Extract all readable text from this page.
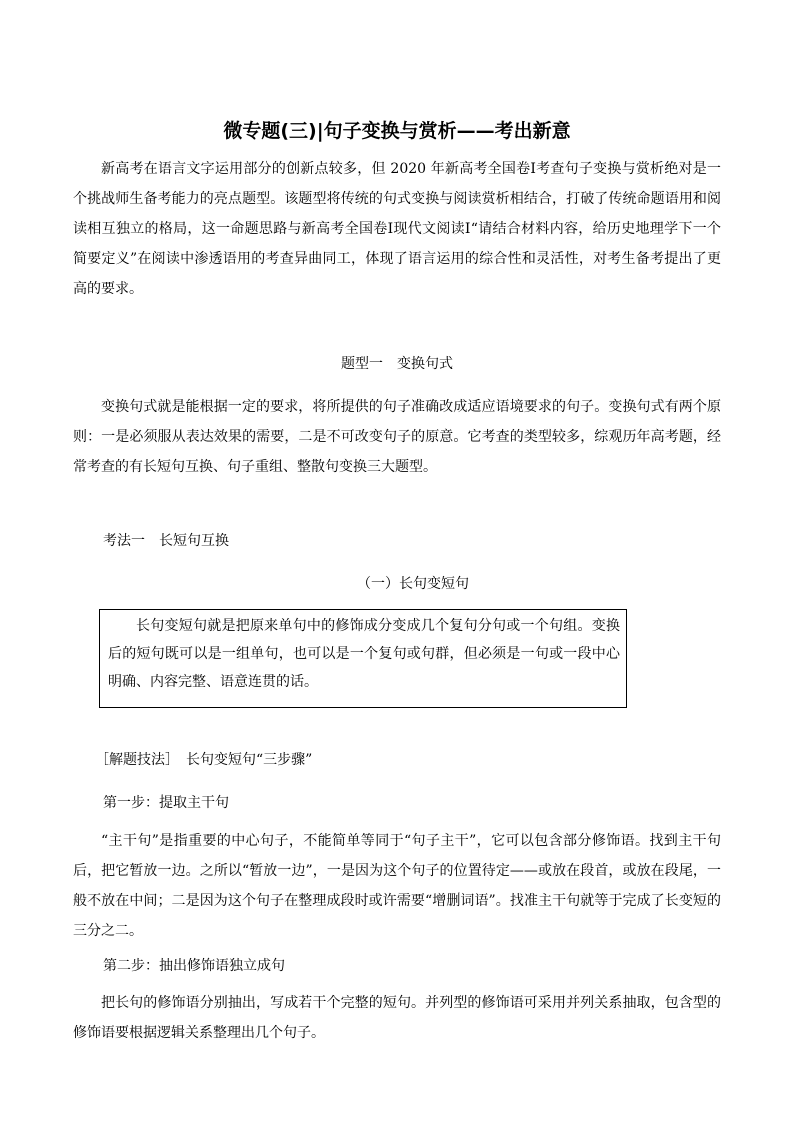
微专题(三)|句子变换与赏析——考出新意

新高考在语言文字运用部分的创新点较多，但 2020 年新高考全国卷Ⅰ考查句子变换与赏析绝对是一个挑战师生备考能力的亮点题型。该题型将传统的句式变换与阅读赏析相结合，打破了传统命题语用和阅读相互独立的格局，这一命题思路与新高考全国卷Ⅰ现代文阅读Ⅰ“请结合材料内容，给历史地理学下一个简要定义”在阅读中渗透语用的考查异曲同工，体现了语言运用的综合性和灵活性，对考生备考提出了更高的要求。

题型一　变换句式

变换句式就是能根据一定的要求，将所提供的句子准确改成适应语境要求的句子。变换句式有两个原则：一是必须服从表达效果的需要，二是不可改变句子的原意。它考查的类型较多，综观历年高考题，经常考查的有长短句互换、句子重组、整散句变换三大题型。

考法一　长短句互换
（一）长句变短句

长句变短句就是把原来单句中的修饰成分变成几个复句分句或一个句组。变换后的短句既可以是一组单句，也可以是一个复句或句群，但必须是一句或一段中心明确、内容完整、语意连贯的话。

［解题技法］　长句变短句“三步骤”
第一步：提取主干句

“主干句”是指重要的中心句子，不能简单等同于“句子主干”，它可以包含部分修饰语。找到主干句后，把它暂放一边。之所以“暂放一边”，一是因为这个句子的位置待定——或放在段首，或放在段尾，一般不放在中间；二是因为这个句子在整理成段时或许需要“增删词语”。找准主干句就等于完成了长变短的三分之二。

第二步：抽出修饰语独立成句

把长句的修饰语分别抽出，写成若干个完整的短句。并列型的修饰语可采用并列关系抽取，包含型的修饰语要根据逻辑关系整理出几个句子。
